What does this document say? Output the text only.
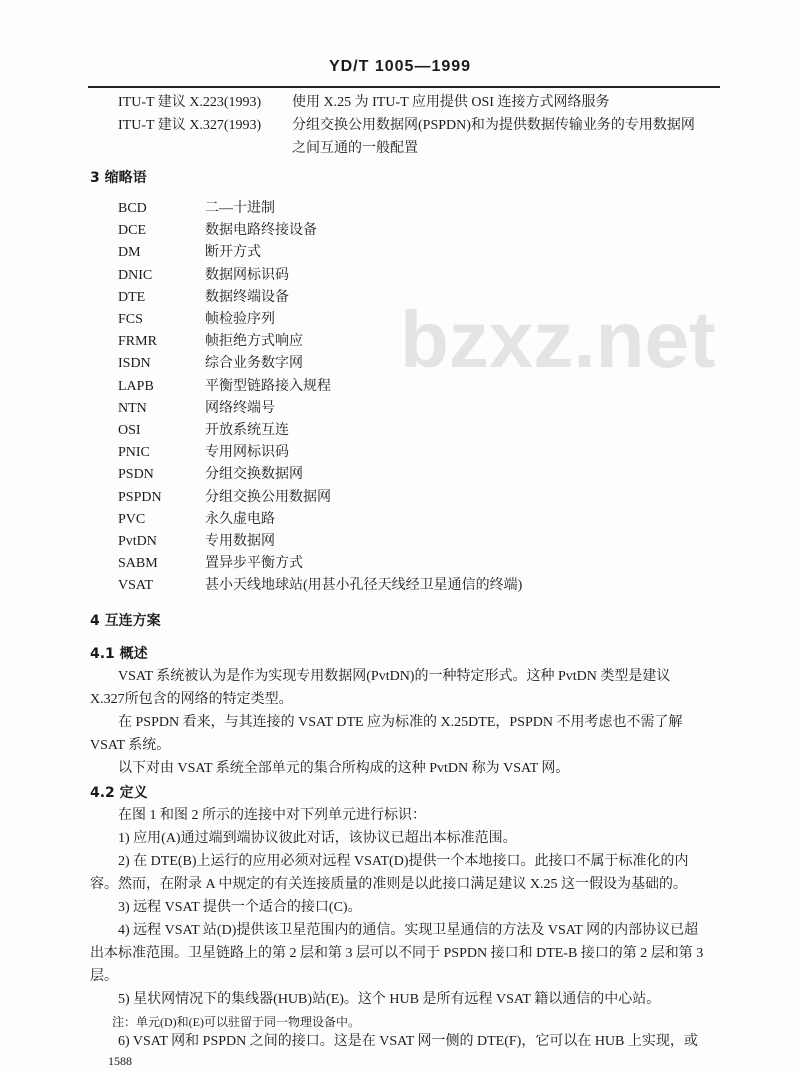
bzxz.net
YD/T 1005—1999
ITU-T 建议 X.223(1993) 使用 X.25 为 ITU-T 应用提供 OSI 连接方式网络服务
ITU-T 建议 X.327(1993) 分组交换公用数据网(PSPDN)和为提供数据传输业务的专用数据网
之间互通的一般配置
3 缩略语
BCD	二—十进制
DCE	数据电路终接设备
DM	断开方式
DNIC	数据网标识码
DTE	数据终端设备
FCS	帧检验序列
FRMR	帧拒绝方式响应
ISDN	综合业务数字网
LAPB	平衡型链路接入规程
NTN	网络终端号
OSI	开放系统互连
PNIC	专用网标识码
PSDN	分组交换数据网
PSPDN	分组交换公用数据网
PVC	永久虚电路
PvtDN	专用数据网
SABM	置异步平衡方式
VSAT	甚小天线地球站(用甚小孔径天线经卫星通信的终端)
4 互连方案
4.1 概述
VSAT 系统被认为是作为实现专用数据网(PvtDN)的一种特定形式。这种 PvtDN 类型是建议
X.327所包含的网络的特定类型。
在 PSPDN 看来，与其连接的 VSAT DTE 应为标准的 X.25DTE，PSPDN 不用考虑也不需了解
VSAT 系统。
以下对由 VSAT 系统全部单元的集合所构成的这种 PvtDN 称为 VSAT 网。
4.2 定义
在图 1 和图 2 所示的连接中对下列单元进行标识：
1) 应用(A)通过端到端协议彼此对话，该协议已超出本标准范围。
2) 在 DTE(B)上运行的应用必须对远程 VSAT(D)提供一个本地接口。此接口不属于标准化的内
容。然而，在附录 A 中规定的有关连接质量的准则是以此接口满足建议 X.25 这一假设为基础的。
3) 远程 VSAT 提供一个适合的接口(C)。
4) 远程 VSAT 站(D)提供该卫星范围内的通信。实现卫星通信的方法及 VSAT 网的内部协议已超
出本标准范围。卫星链路上的第 2 层和第 3 层可以不同于 PSPDN 接口和 DTE-B 接口的第 2 层和第 3
层。
5) 星状网情况下的集线器(HUB)站(E)。这个 HUB 是所有远程 VSAT 籍以通信的中心站。
注：单元(D)和(E)可以驻留于同一物理设备中。
6) VSAT 网和 PSPDN 之间的接口。这是在 VSAT 网一侧的 DTE(F)，它可以在 HUB 上实现，或
1588
